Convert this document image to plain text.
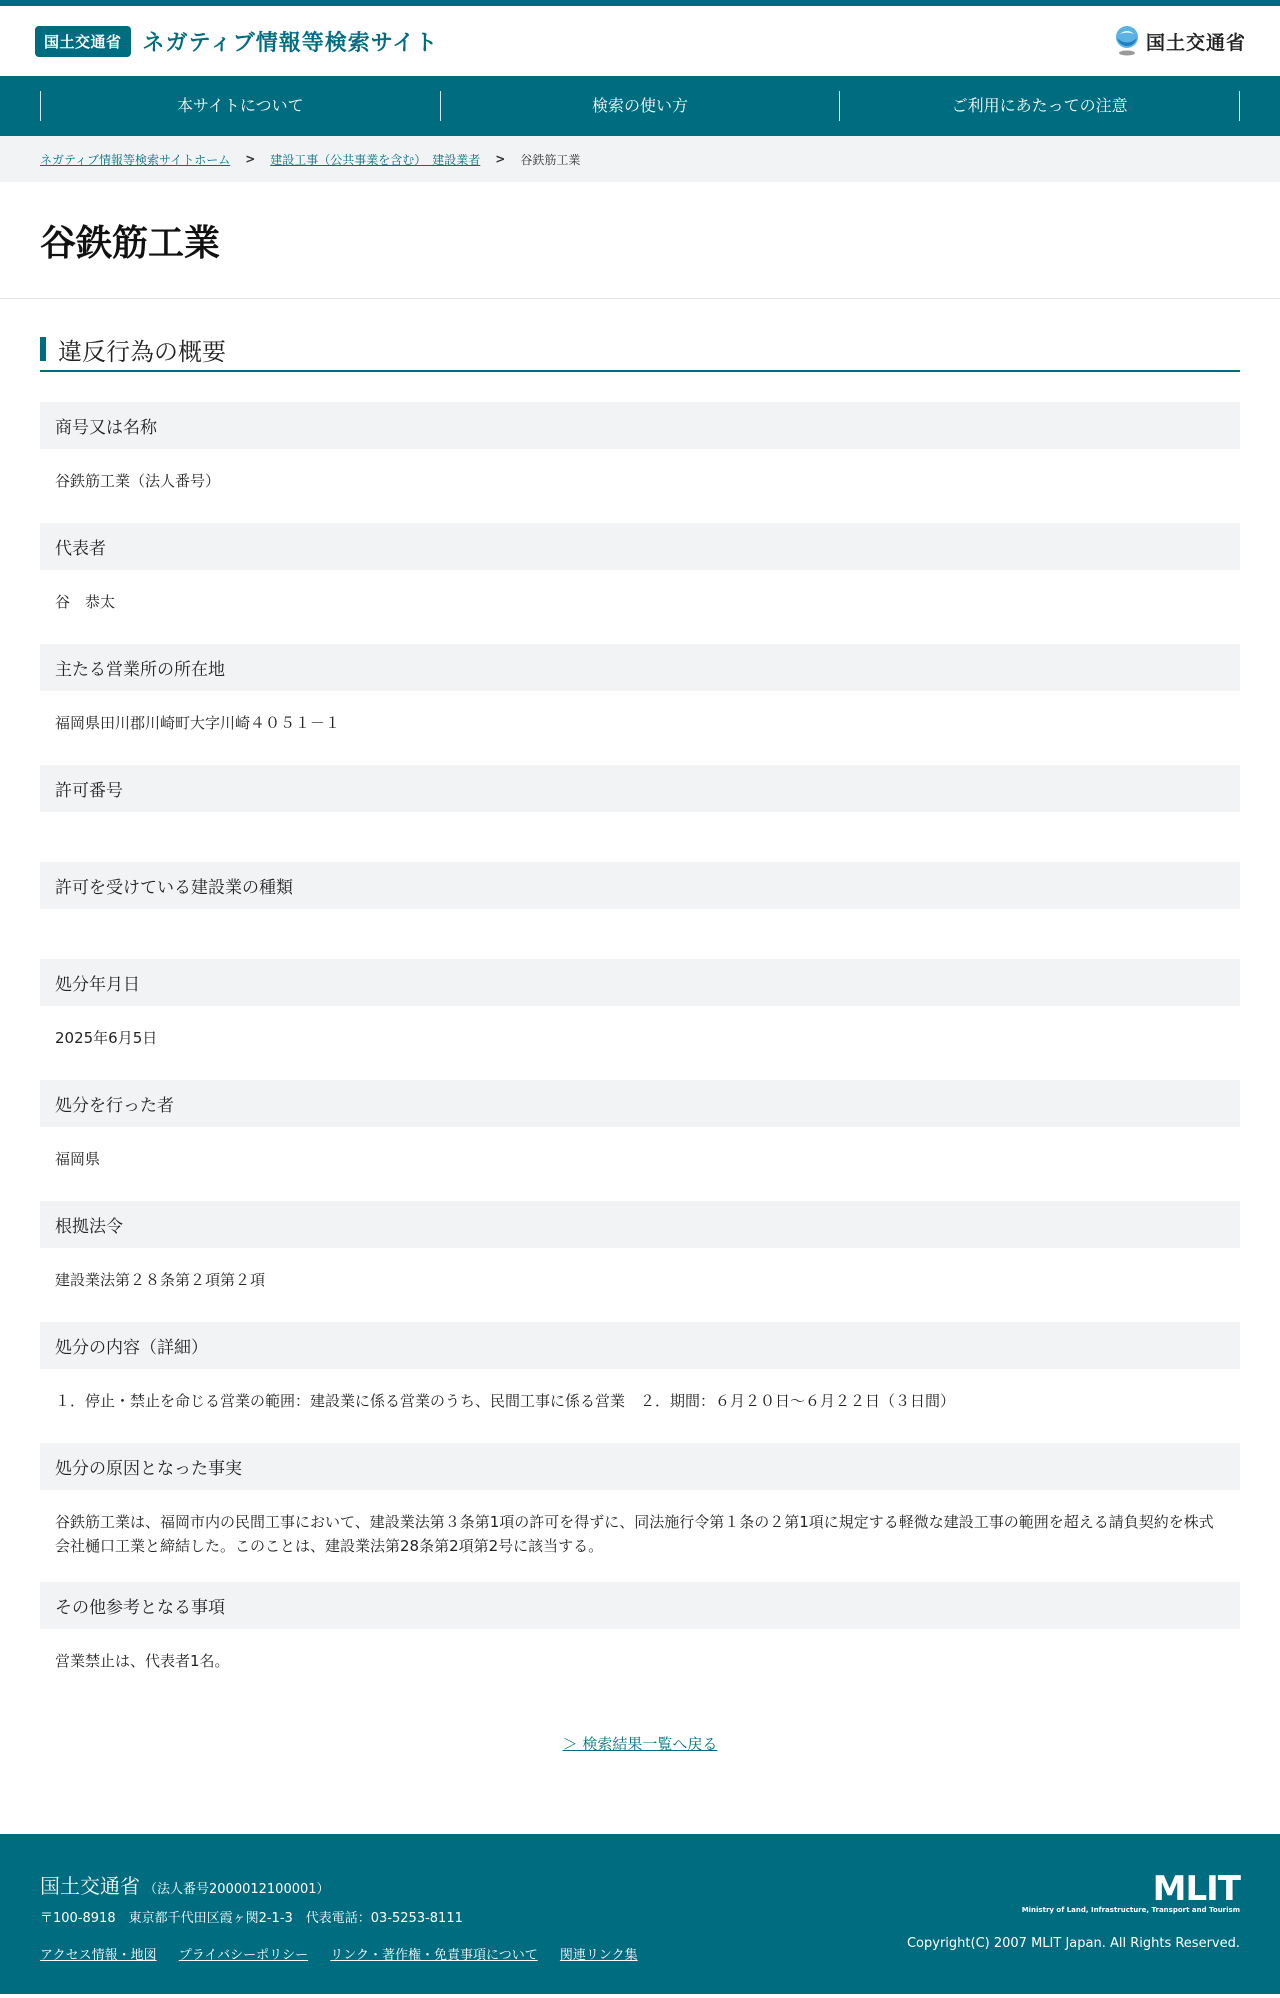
国土交通省 ネガティブ情報等検索サイト	国土交通省
本サイトについて	検索の使い方	ご利用にあたっての注意
ネガティブ情報等検索サイトホーム > 建設工事（公共事業を含む）　建設業者 > 谷鉄筋工業
谷鉄筋工業
違反行為の概要
商号又は名称
谷鉄筋工業（法人番号）
代表者
谷　恭太
主たる営業所の所在地
福岡県田川郡川崎町大字川崎４０５１－１
許可番号
許可を受けている建設業の種類
処分年月日
2025年6月5日
処分を行った者
福岡県
根拠法令
建設業法第２８条第２項第２項
処分の内容（詳細）
１．停止・禁止を命じる営業の範囲：建設業に係る営業のうち、民間工事に係る営業　２．期間：６月２０日～６月２２日（３日間）
処分の原因となった事実
谷鉄筋工業は、福岡市内の民間工事において、建設業法第３条第1項の許可を得ずに、同法施行令第１条の２第1項に規定する軽微な建設工事の範囲を超える請負契約を株式会社樋口工業と締結した。このことは、建設業法第28条第2項第2号に該当する。
その他参考となる事項
営業禁止は、代表者1名。
＞ 検索結果一覧へ戻る
国土交通省 （法人番号2000012100001）
〒100-8918　東京都千代田区霞ヶ関2-1-3　代表電話：03-5253-8111
アクセス情報・地図 プライバシーポリシー リンク・著作権・免責事項について 関連リンク集
MLIT
Ministry of Land, Infrastructure, Transport and Tourism
Copyright(C) 2007 MLIT Japan. All Rights Reserved.
